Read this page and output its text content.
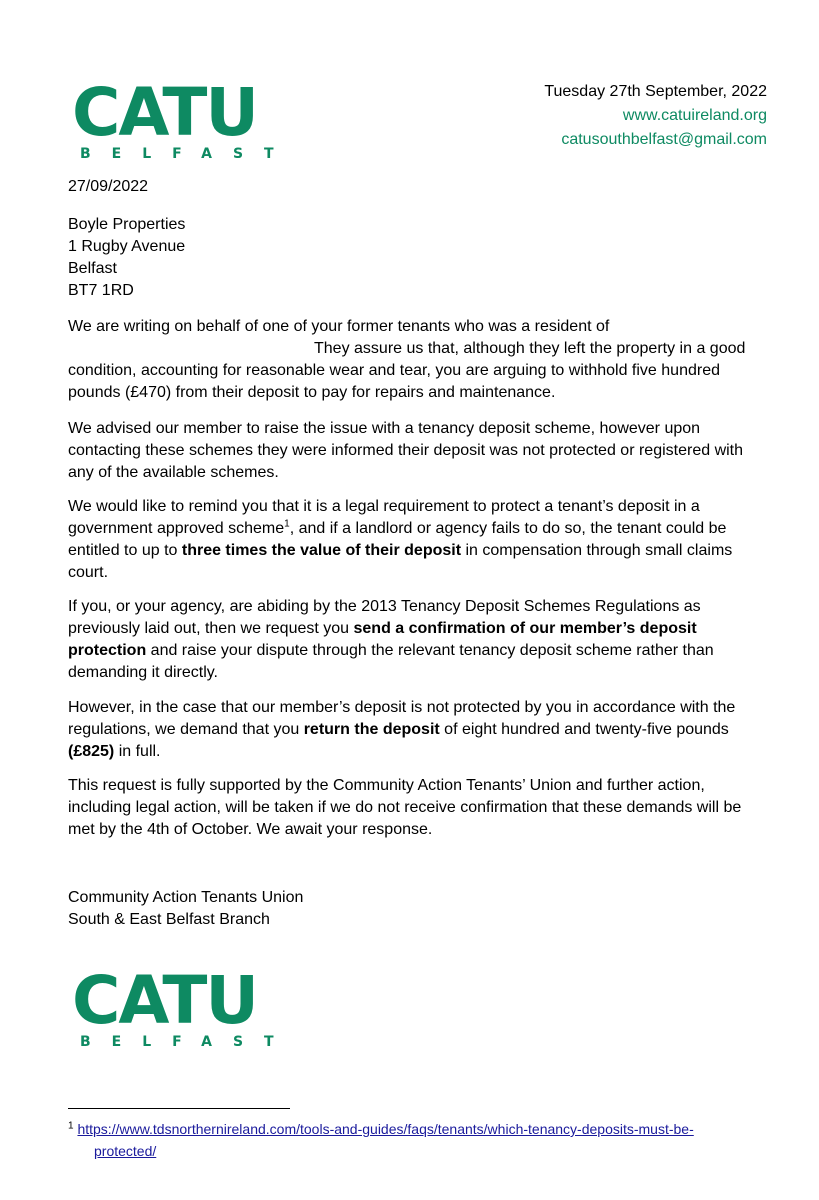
CATU
BELFAST
Tuesday 27th September, 2022
www.catuireland.org
catusouthbelfast@gmail.com
27/09/2022
Boyle Properties
1 Rugby Avenue
Belfast
BT7 1RD
We are writing on behalf of one of your former tenants who was a resident of
They assure us that, although they left the property in a good condition, accounting for reasonable wear and tear, you are arguing to withhold five hundred pounds (£470) from their deposit to pay for repairs and maintenance.

We advised our member to raise the issue with a tenancy deposit scheme, however upon contacting these schemes they were informed their deposit was not protected or registered with any of the available schemes.

We would like to remind you that it is a legal requirement to protect a tenant’s deposit in a government approved scheme$^1$, and if a landlord or agency fails to do so, the tenant could be entitled to up to three times the value of their deposit in compensation through small claims court.

If you, or your agency, are abiding by the 2013 Tenancy Deposit Schemes Regulations as previously laid out, then we request you send a confirmation of our member’s deposit protection and raise your dispute through the relevant tenancy deposit scheme rather than demanding it directly.

However, in the case that our member’s deposit is not protected by you in accordance with the regulations, we demand that you return the deposit of eight hundred and twenty-five pounds (£825) in full.

This request is fully supported by the Community Action Tenants’ Union and further action, including legal action, will be taken if we do not receive confirmation that these demands will be met by the 4th of October. We await your response.

Community Action Tenants Union
South & East Belfast Branch
CATU
BELFAST
$^1$ https://www.tdsnorthernireland.com/tools-and-guides/faqs/tenants/which-tenancy-deposits-must-be-
protected/
